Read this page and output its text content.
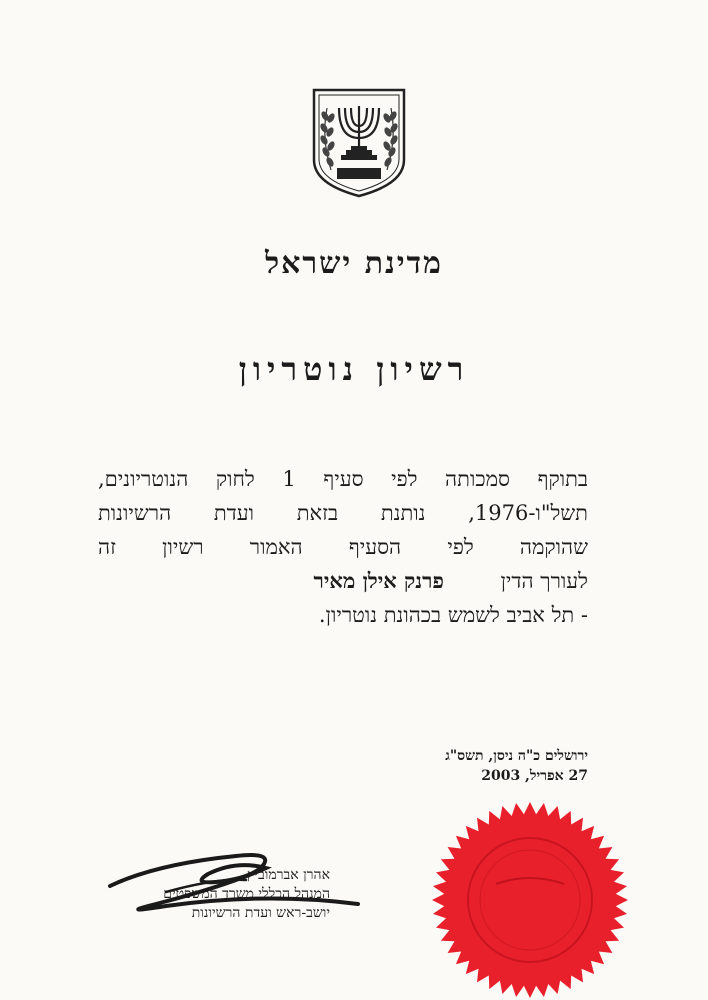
מדינת ישראל
רשיון נוטריון
בתוקף סמכותה לפי סעיף 1 לחוק הנוטריונים,
תשל"ו-1976, נותנת בזאת ועדת הרשיונות
שהוקמה לפי הסעיף האמור רשיון זה
לעורך הדין פרנק אילן מאיר
- תל אביב לשמש בכהונת נוטריון.
ירושלים כ"ה ניסן, תשס"ג
27 אפריל, 2003
אהרן אברמוביץ
המנהל הכללי משרד המשפטים
יושב-ראש ועדת הרשיונות
